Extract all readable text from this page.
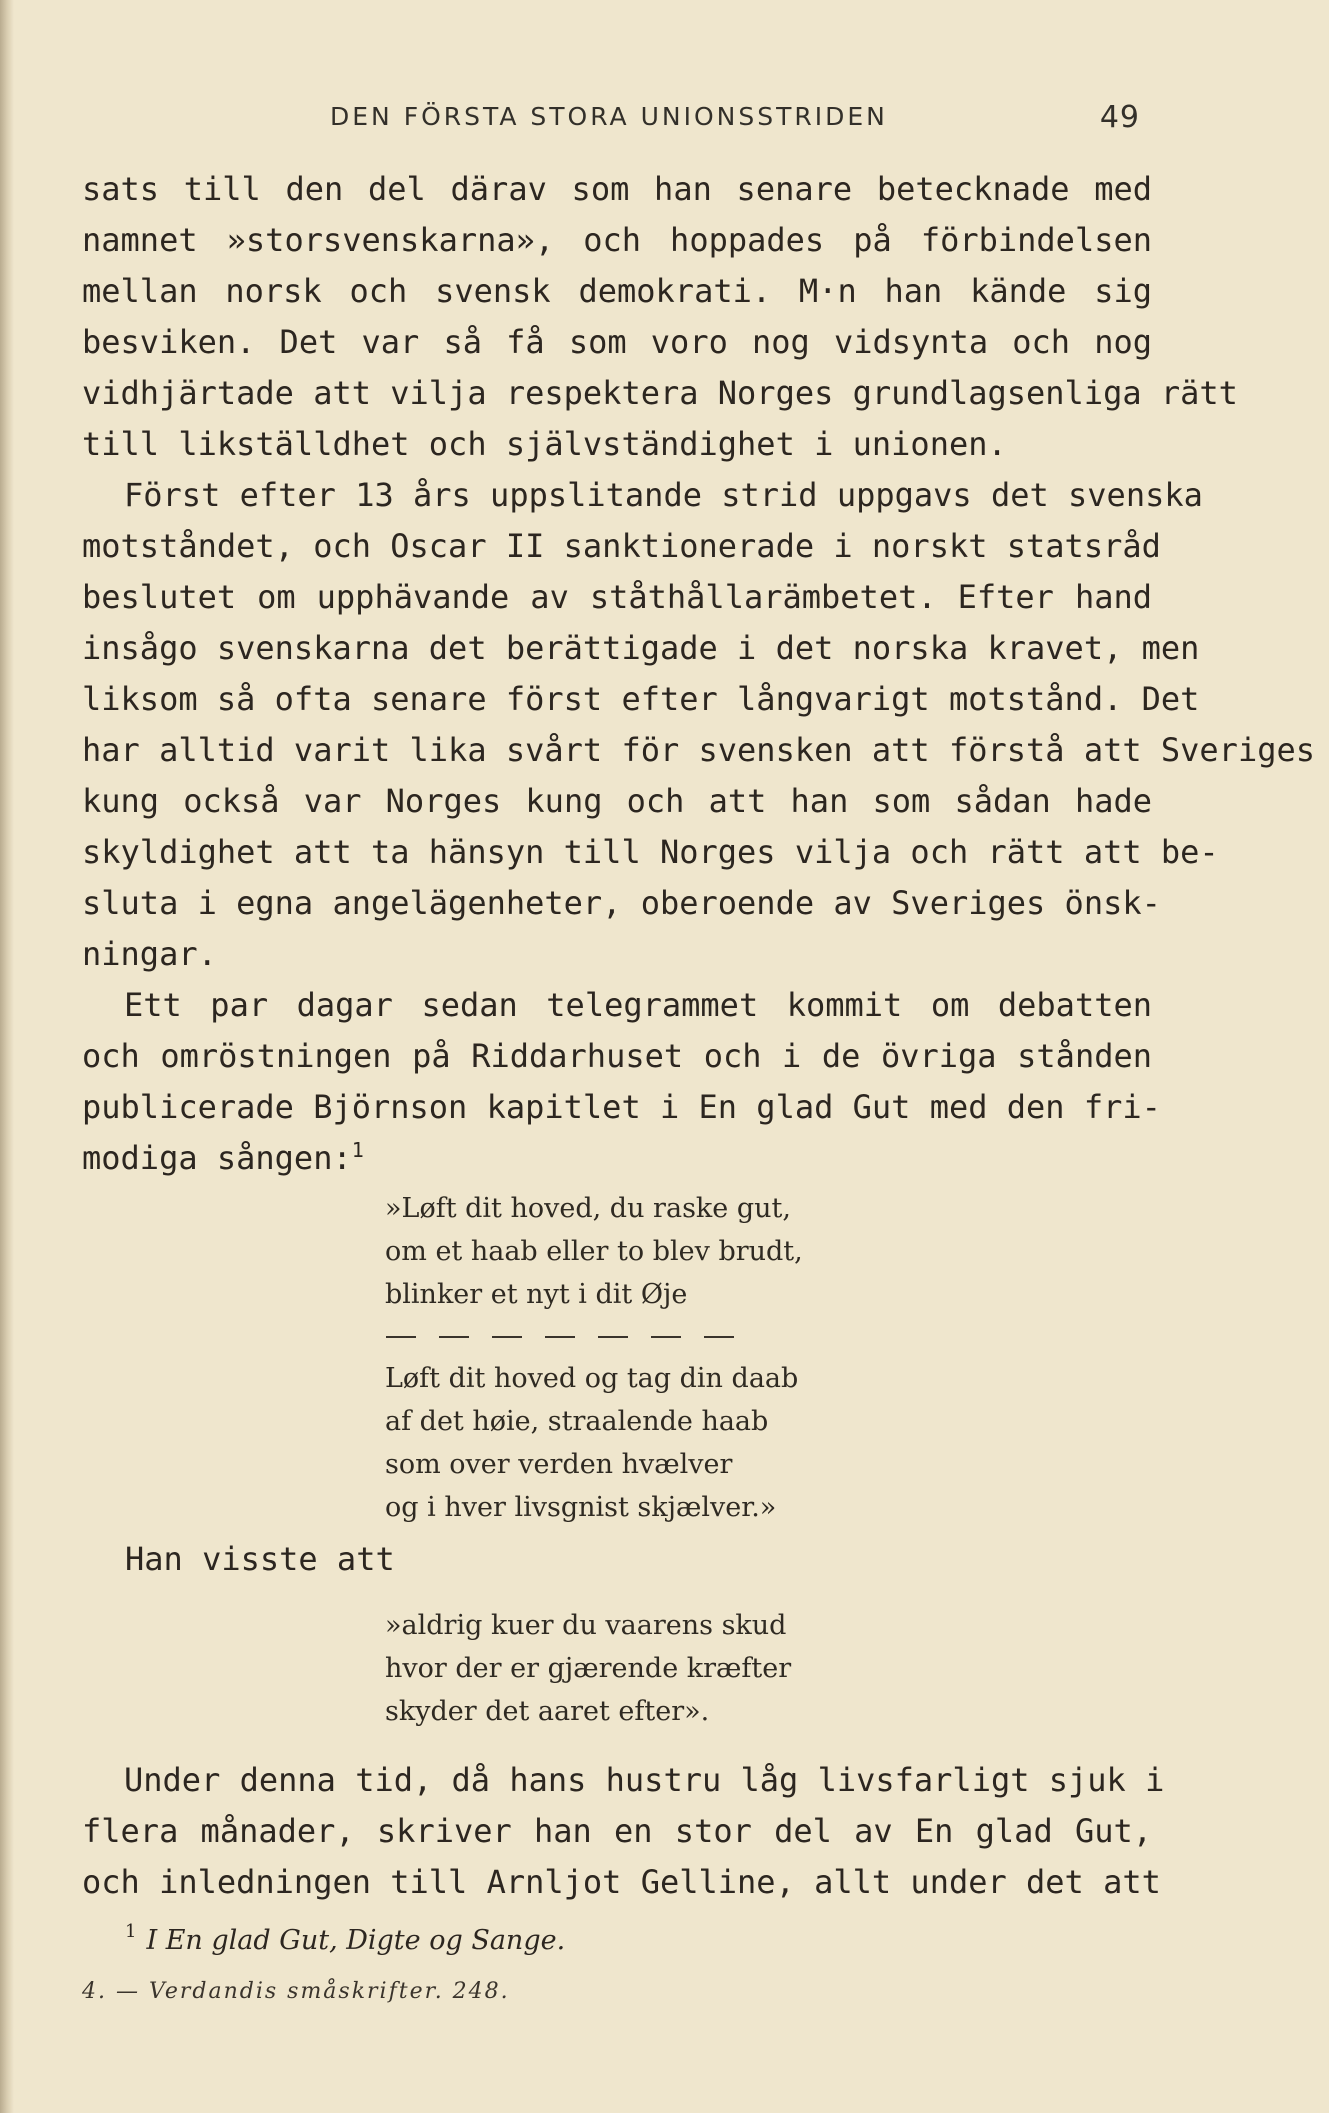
DEN FÖRSTA STORA UNIONSSTRIDEN	49
sats till den del därav som han senare betecknade med
namnet »storsvenskarna», och hoppades på förbindelsen
mellan norsk och svensk demokrati. M·n han kände sig
besviken. Det var så få som voro nog vidsynta och nog
vidhjärtade att vilja respektera Norges grundlagsenliga rätt
till likställdhet och självständighet i unionen.
Först efter 13 års uppslitande strid uppgavs det svenska
motståndet, och Oscar II sanktionerade i norskt statsråd
beslutet om upphävande av ståthållarämbetet. Efter hand
insågo svenskarna det berättigade i det norska kravet, men
liksom så ofta senare först efter långvarigt motstånd. Det
har alltid varit lika svårt för svensken att förstå att Sveriges
kung också var Norges kung och att han som sådan hade
skyldighet att ta hänsyn till Norges vilja och rätt att be-
sluta i egna angelägenheter, oberoende av Sveriges önsk-
ningar.
Ett par dagar sedan telegrammet kommit om debatten
och omröstningen på Riddarhuset och i de övriga stånden
publicerade Björnson kapitlet i En glad Gut med den fri-
modiga sången:$^1$
»Løft dit hoved, du raske gut,
om et haab eller to blev brudt,
blinker et nyt i dit Øje
Løft dit hoved og tag din daab
af det høie, straalende haab
som over verden hvælver
og i hver livsgnist skjælver.»
Han visste att
»aldrig kuer du vaarens skud
hvor der er gjærende kræfter
skyder det aaret efter».
Under denna tid, då hans hustru låg livsfarligt sjuk i
flera månader, skriver han en stor del av En glad Gut,
och inledningen till Arnljot Gelline, allt under det att
$^1$ I En glad Gut, Digte og Sange.
4. — Verdandis småskrifter. 248.
